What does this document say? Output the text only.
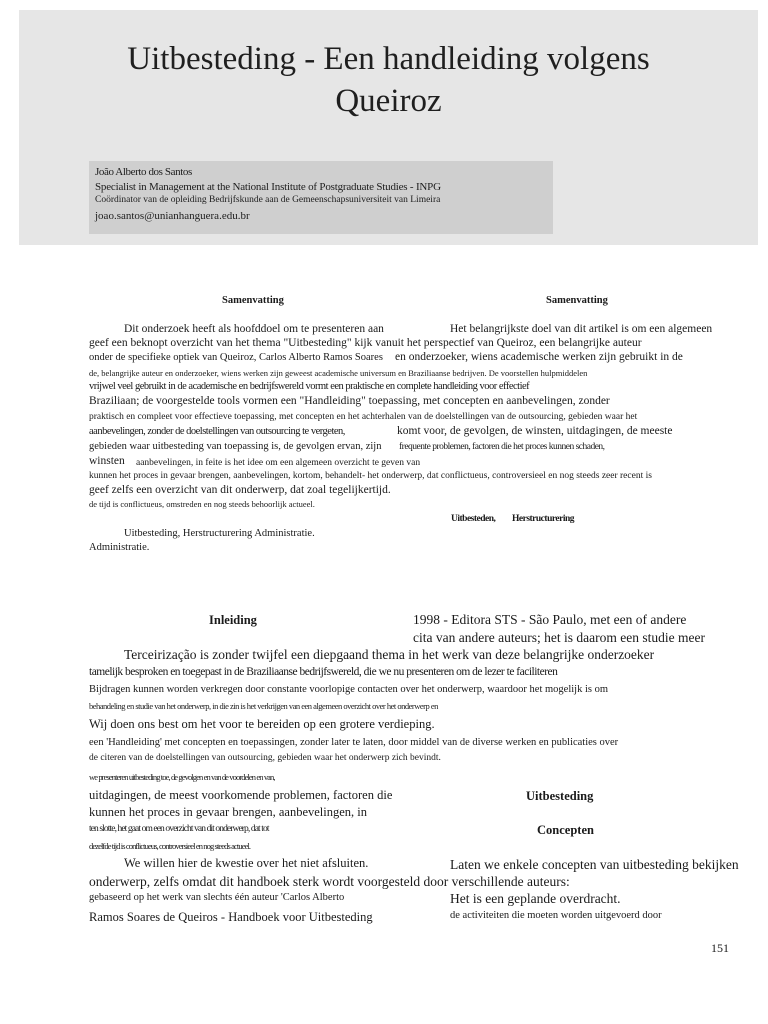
Uitbesteding - Een handleiding volgens
Queiroz
João Alberto dos Santos
Specialist in Management at the National Institute of Postgraduate Studies - INPG
Coördinator van de opleiding Bedrijfskunde aan de Gemeenschapsuniversiteit van Limeira
joao.santos@unianhanguera.edu.br
Samenvatting	Samenvatting
Dit onderzoek heeft als hoofddoel om te presenteren aan	Het belangrijkste doel van dit artikel is om een algemeen
geef een beknopt overzicht van het thema "Uitbesteding" kijk vanuit het perspectief van Queiroz, een belangrijke auteur
onder de specifieke optiek van Queiroz, Carlos Alberto Ramos Soares en onderzoeker, wiens academische werken zijn gebruikt in de
de, belangrijke auteur en onderzoeker, wiens werken zijn geweest academische universum en Braziliaanse bedrijven. De voorstellen hulpmiddelen
vrijwel veel gebruikt in de academische en bedrijfswereld vormt een praktische en complete handleiding voor effectief
Braziliaan; de voorgestelde tools vormen een "Handleiding" toepassing, met concepten en aanbevelingen, zonder
praktisch en compleet voor effectieve toepassing, met concepten en het achterhalen van de doelstellingen van de outsourcing, gebieden waar het
aanbevelingen, zonder de doelstellingen van outsourcing te vergeten,	komt voor, de gevolgen, de winsten, uitdagingen, de meeste
gebieden waar uitbesteding van toepassing is, de gevolgen ervan, zijn frequente problemen, factoren die het proces kunnen schaden,
winsten aanbevelingen, in feite is het idee om een algemeen overzicht te geven van
kunnen het proces in gevaar brengen, aanbevelingen, kortom, behandelt- het onderwerp, dat conflictueus, controversieel en nog steeds zeer recent is
geef zelfs een overzicht van dit onderwerp, dat zoal tegelijkertijd.
de tijd is conflictueus, omstreden en nog steeds behoorlijk actueel.
Uitbesteden, Herstructurering
Uitbesteding, Herstructurering Administratie.
Administratie.
Inleiding	1998 - Editora STS - São Paulo, met een of andere
cita van andere auteurs; het is daarom een studie meer
Terceirização is zonder twijfel een diepgaand thema in het werk van deze belangrijke onderzoeker
tamelijk besproken en toegepast in de Braziliaanse bedrijfswereld, die we nu presenteren om de lezer te faciliteren
Bijdragen kunnen worden verkregen door constante voorlopige contacten over het onderwerp, waardoor het mogelijk is om
behandeling en studie van het onderwerp, in die zin is het verkrijgen van een algemeen overzicht over het onderwerp en
Wij doen ons best om het voor te bereiden op een grotere verdieping.
een 'Handleiding' met concepten en toepassingen, zonder later te laten, door middel van de diverse werken en publicaties over
de citeren van de doelstellingen van outsourcing, gebieden waar het onderwerp zich bevindt.
we presenteren uitbesteding toe, de gevolgen en van de voordelen en van,
uitdagingen, de meest voorkomende problemen, factoren die
kunnen het proces in gevaar brengen, aanbevelingen, in
ten slotte, het gaat om een overzicht van dit onderwerp, dat tot
dezelfde tijd is conflictueus, controversieel en nog steeds actueel.
We willen hier de kwestie over het niet afsluiten.
onderwerp, zelfs omdat dit handboek sterk wordt voorgesteld door verschillende auteurs:
gebaseerd op het werk van slechts één auteur 'Carlos Alberto
Ramos Soares de Queiros - Handboek voor Uitbesteding
Uitbesteding
Concepten
Laten we enkele concepten van uitbesteding bekijken
Het is een geplande overdracht.
de activiteiten die moeten worden uitgevoerd door
151
